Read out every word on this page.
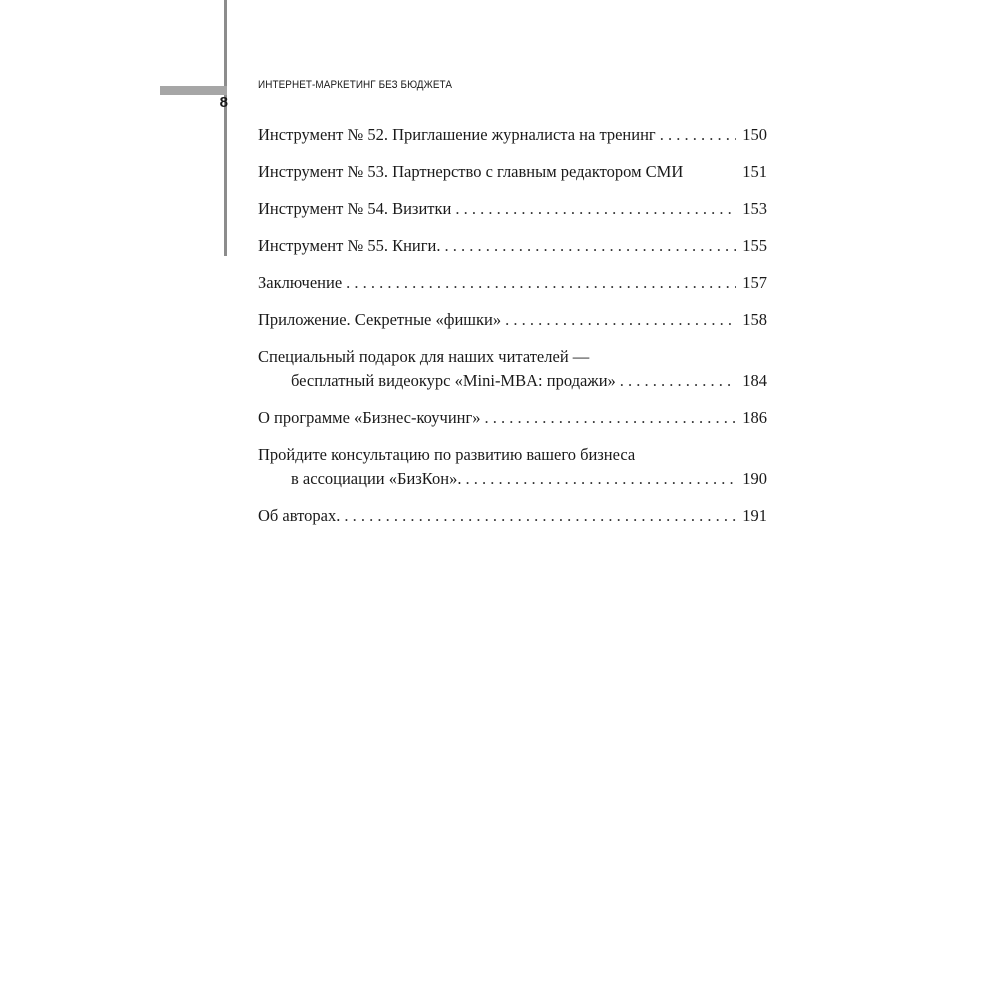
8
ИНТЕРНЕТ-МАРКЕТИНГ БЕЗ БЮДЖЕТА
Инструмент № 52. Приглашение журналиста на тренинг . . .	150
Инструмент № 53. Партнерство с главным редактором СМИ	151
Инструмент № 54. Визитки . . .	153
Инструмент № 55. Книги. . . .	155
Заключение . . .	157
Приложение. Секретные «фишки» . . .	158
Специальный подарок для наших читателей —
бесплатный видеокурс «Mini-MBA: продажи» . . .	184
О программе «Бизнес-коучинг» . . .	186
Пройдите консультацию по развитию вашего бизнеса
в ассоциации «БизКон». . . .	190
Об авторах. . . .	191
